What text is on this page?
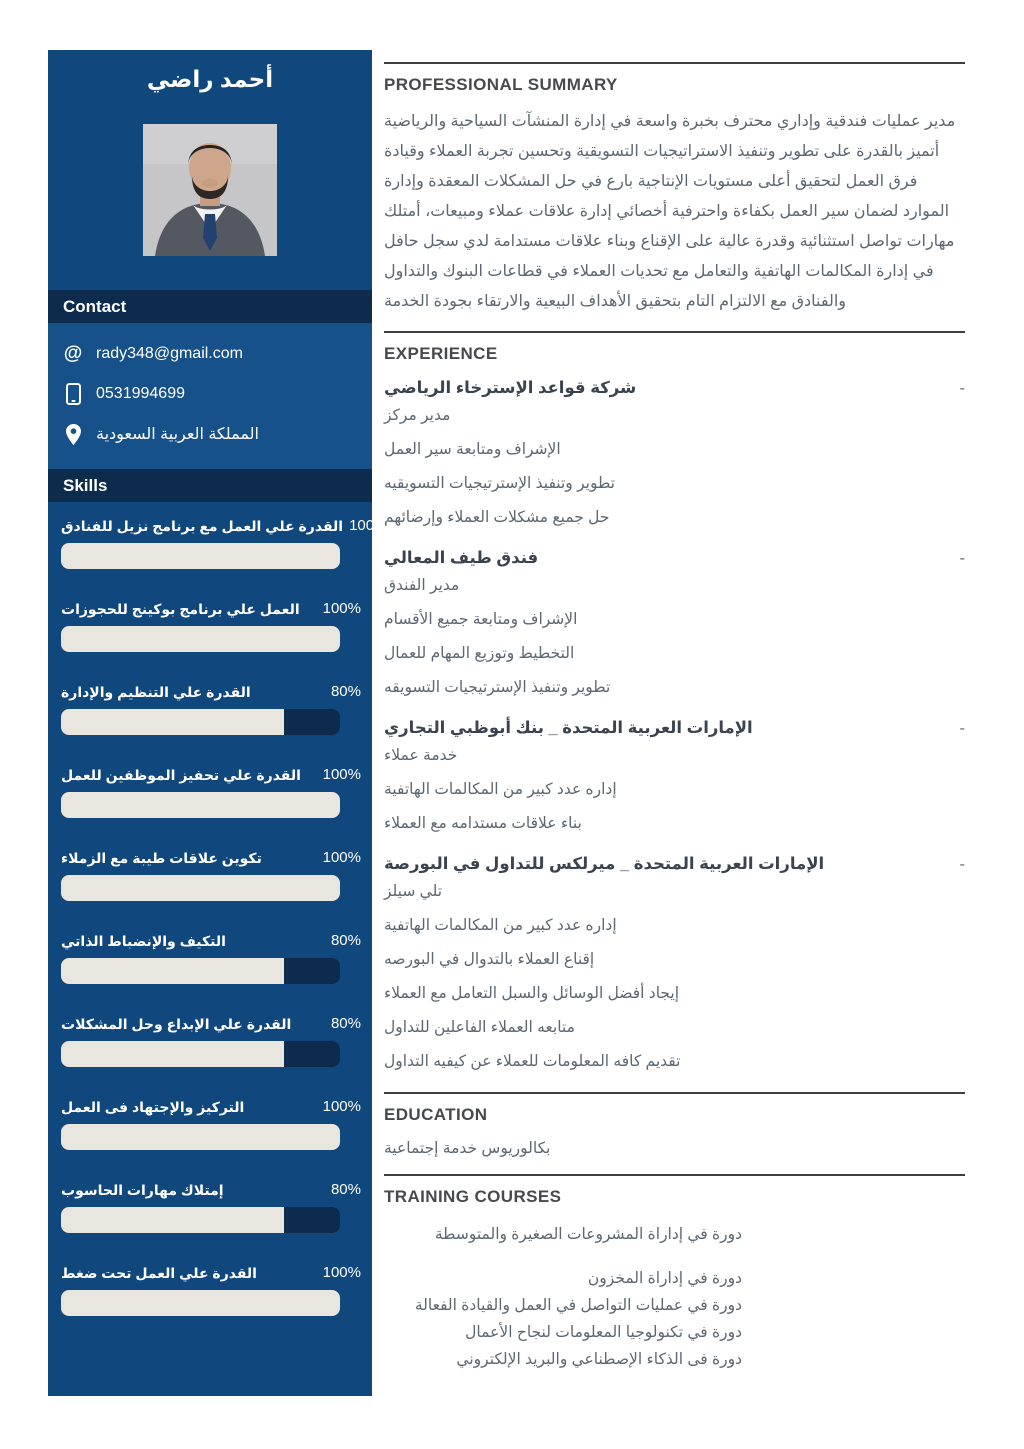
أحمد راضي
Contact
@ rady348@gmail.com
0531994699
المملكة العربية السعودية
Skills
القدرة علي العمل مع برنامج نزيل للفنادق 100%
العمل علي برنامج بوكينج للحجوزات 100%
القدرة علي التنظيم والإدارة	80%
القدرة علي تحفيز الموظفين للعمل 100%
تكوين علاقات طيبة مع الزملاء	100%
التكيف والإنضباط الذاتي	80%
القدرة علي الإبداع وحل المشكلات	80%
التركيز والإجتهاد فى العمل	100%
إمتلاك مهارات الحاسوب	80%
القدرة علي العمل تحت ضغط	100%
PROFESSIONAL SUMMARY

مدير عمليات فندقية وإداري محترف بخبرة واسعة في إدارة المنشآت السياحية والرياضية أتميز بالقدرة على تطوير وتنفيذ الاستراتيجيات التسويقية وتحسين تجربة العملاء وقيادة فرق العمل لتحقيق أعلى مستويات الإنتاجية بارع في حل المشكلات المعقدة وإدارة الموارد لضمان سير العمل بكفاءة واحترفية أخصائي إدارة علاقات عملاء ومبيعات، أمتلك مهارات تواصل استثنائية وقدرة عالية على الإقناع وبناء علاقات مستدامة لدي سجل حافل في إدارة المكالمات الهاتفية والتعامل مع تحديات العملاء في قطاعات البنوك والتداول والفنادق مع الالتزام التام بتحقيق الأهداف البيعية والارتقاء بجودة الخدمة

EXPERIENCE
شركة قواعد الإسترخاء الرياضي	-
مدير مركز
الإشراف ومتابعة سير العمل
تطوير وتنفيذ الإسترتيجيات التسويقيه
حل جميع مشكلات العملاء وإرضائهم
فندق طيف المعالي	-
مدير الفندق
الإشراف ومتابعة جميع الأقسام
التخطيط وتوزيع المهام للعمال
تطوير وتنفيذ الإسترتيجيات التسويقه
الإمارات العربية المتحدة _ بنك أبوظبي التجاري	-
خدمة عملاء
إداره عدد كبير من المكالمات الهاتفية
بناء علاقات مستدامه مع العملاء
الإمارات العربية المتحدة _ ميرلكس للتداول في البورصة	-
تلي سيلز
إداره عدد كبير من المكالمات الهاتفية
إقناع العملاء بالتدوال في البورصه
إيجاد أفضل الوسائل والسبل التعامل مع العملاء
متابعه العملاء الفاعلين للتداول
تقديم كافه المعلومات للعملاء عن كيفيه التداول
EDUCATION
بكالوريوس خدمة إجتماعية
TRAINING COURSES
دورة في إداراة المشروعات الصغيرة والمتوسطة
دورة في إداراة المخزون
دورة في عمليات التواصل في العمل والقيادة الفعالة
دورة في تكنولوجيا المعلومات لنجاح الأعمال
دورة فى الذكاء الإصطناعي والبريد الإلكتروني
